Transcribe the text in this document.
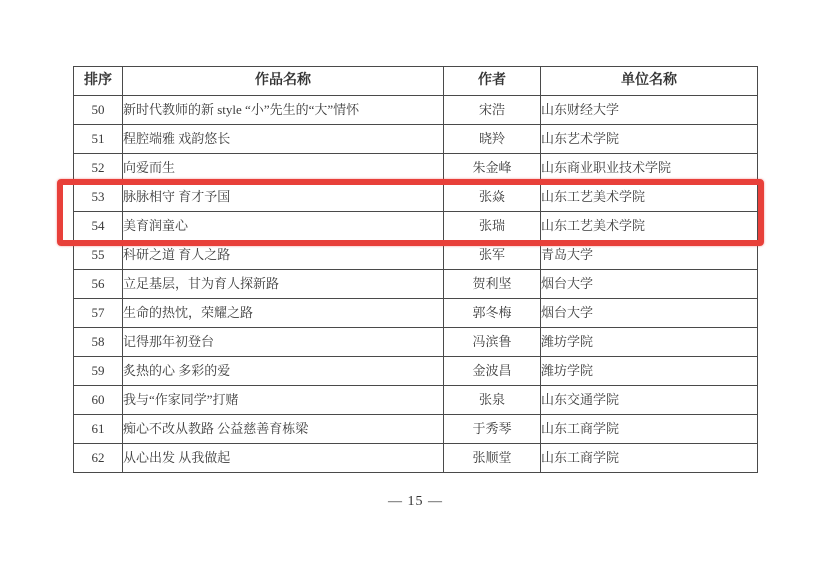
排序	作品名称	作者	单位名称
50	新时代教师的新 style “小”先生的“大”情怀	宋浩	山东财经大学
51	程腔端雅 戏韵悠长	晓羚	山东艺术学院
52	向爱而生	朱金峰	山东商业职业技术学院
53	脉脉相守 育才予国	张焱	山东工艺美术学院
54	美育润童心	张瑞	山东工艺美术学院
55	科研之道 育人之路	张军	青岛大学
56	立足基层，甘为育人探新路	贺利坚	烟台大学
57	生命的热忱，荣耀之路	郭冬梅	烟台大学
58	记得那年初登台	冯滨鲁	潍坊学院
59	炙热的心 多彩的爱	金波昌	潍坊学院
60	我与“作家同学”打赌	张泉	山东交通学院
61	痴心不改从教路 公益慈善育栋梁	于秀琴	山东工商学院
62	从心出发 从我做起	张顺堂	山东工商学院
— 15 —
